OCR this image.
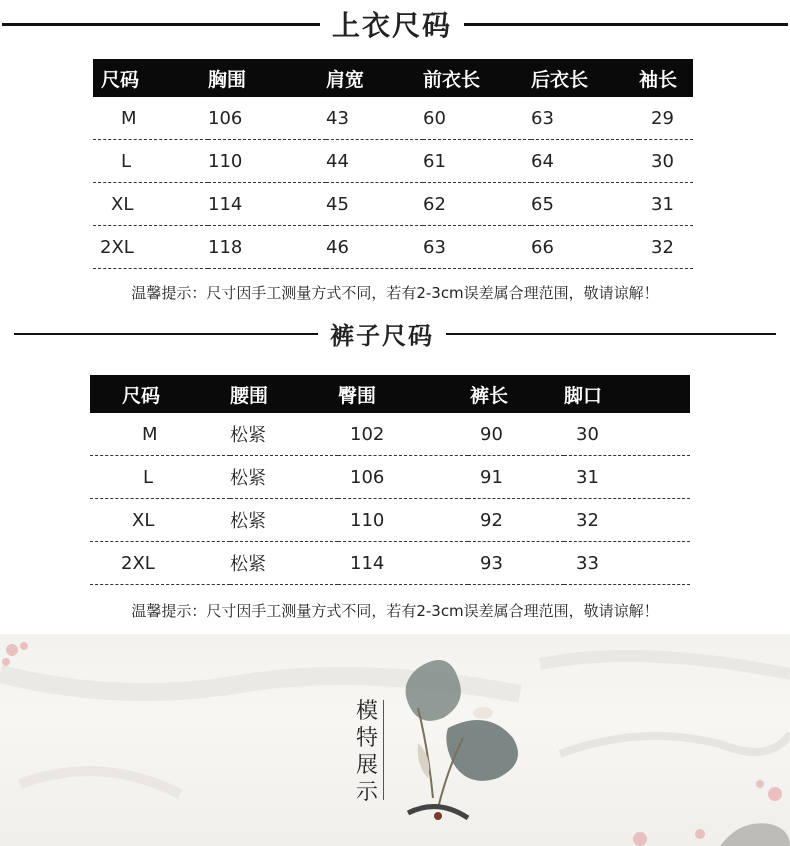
上衣尺码
尺码	胸围	肩宽	前衣长	后衣长	袖长
M	106	43	60	63	29
L	110	44	61	64	30
XL	114	45	62	65	31
2XL	118	46	63	66	32
温馨提示：尺寸因手工测量方式不同，若有2-3cm误差属合理范围，敬请谅解！
裤子尺码
尺码	腰围	臀围	裤长	脚口
M	松紧	102	90	30
L	松紧	106	91	31
XL	松紧	110	92	32
2XL	松紧	114	93	33
温馨提示：尺寸因手工测量方式不同，若有2-3cm误差属合理范围，敬请谅解！
模特展示
